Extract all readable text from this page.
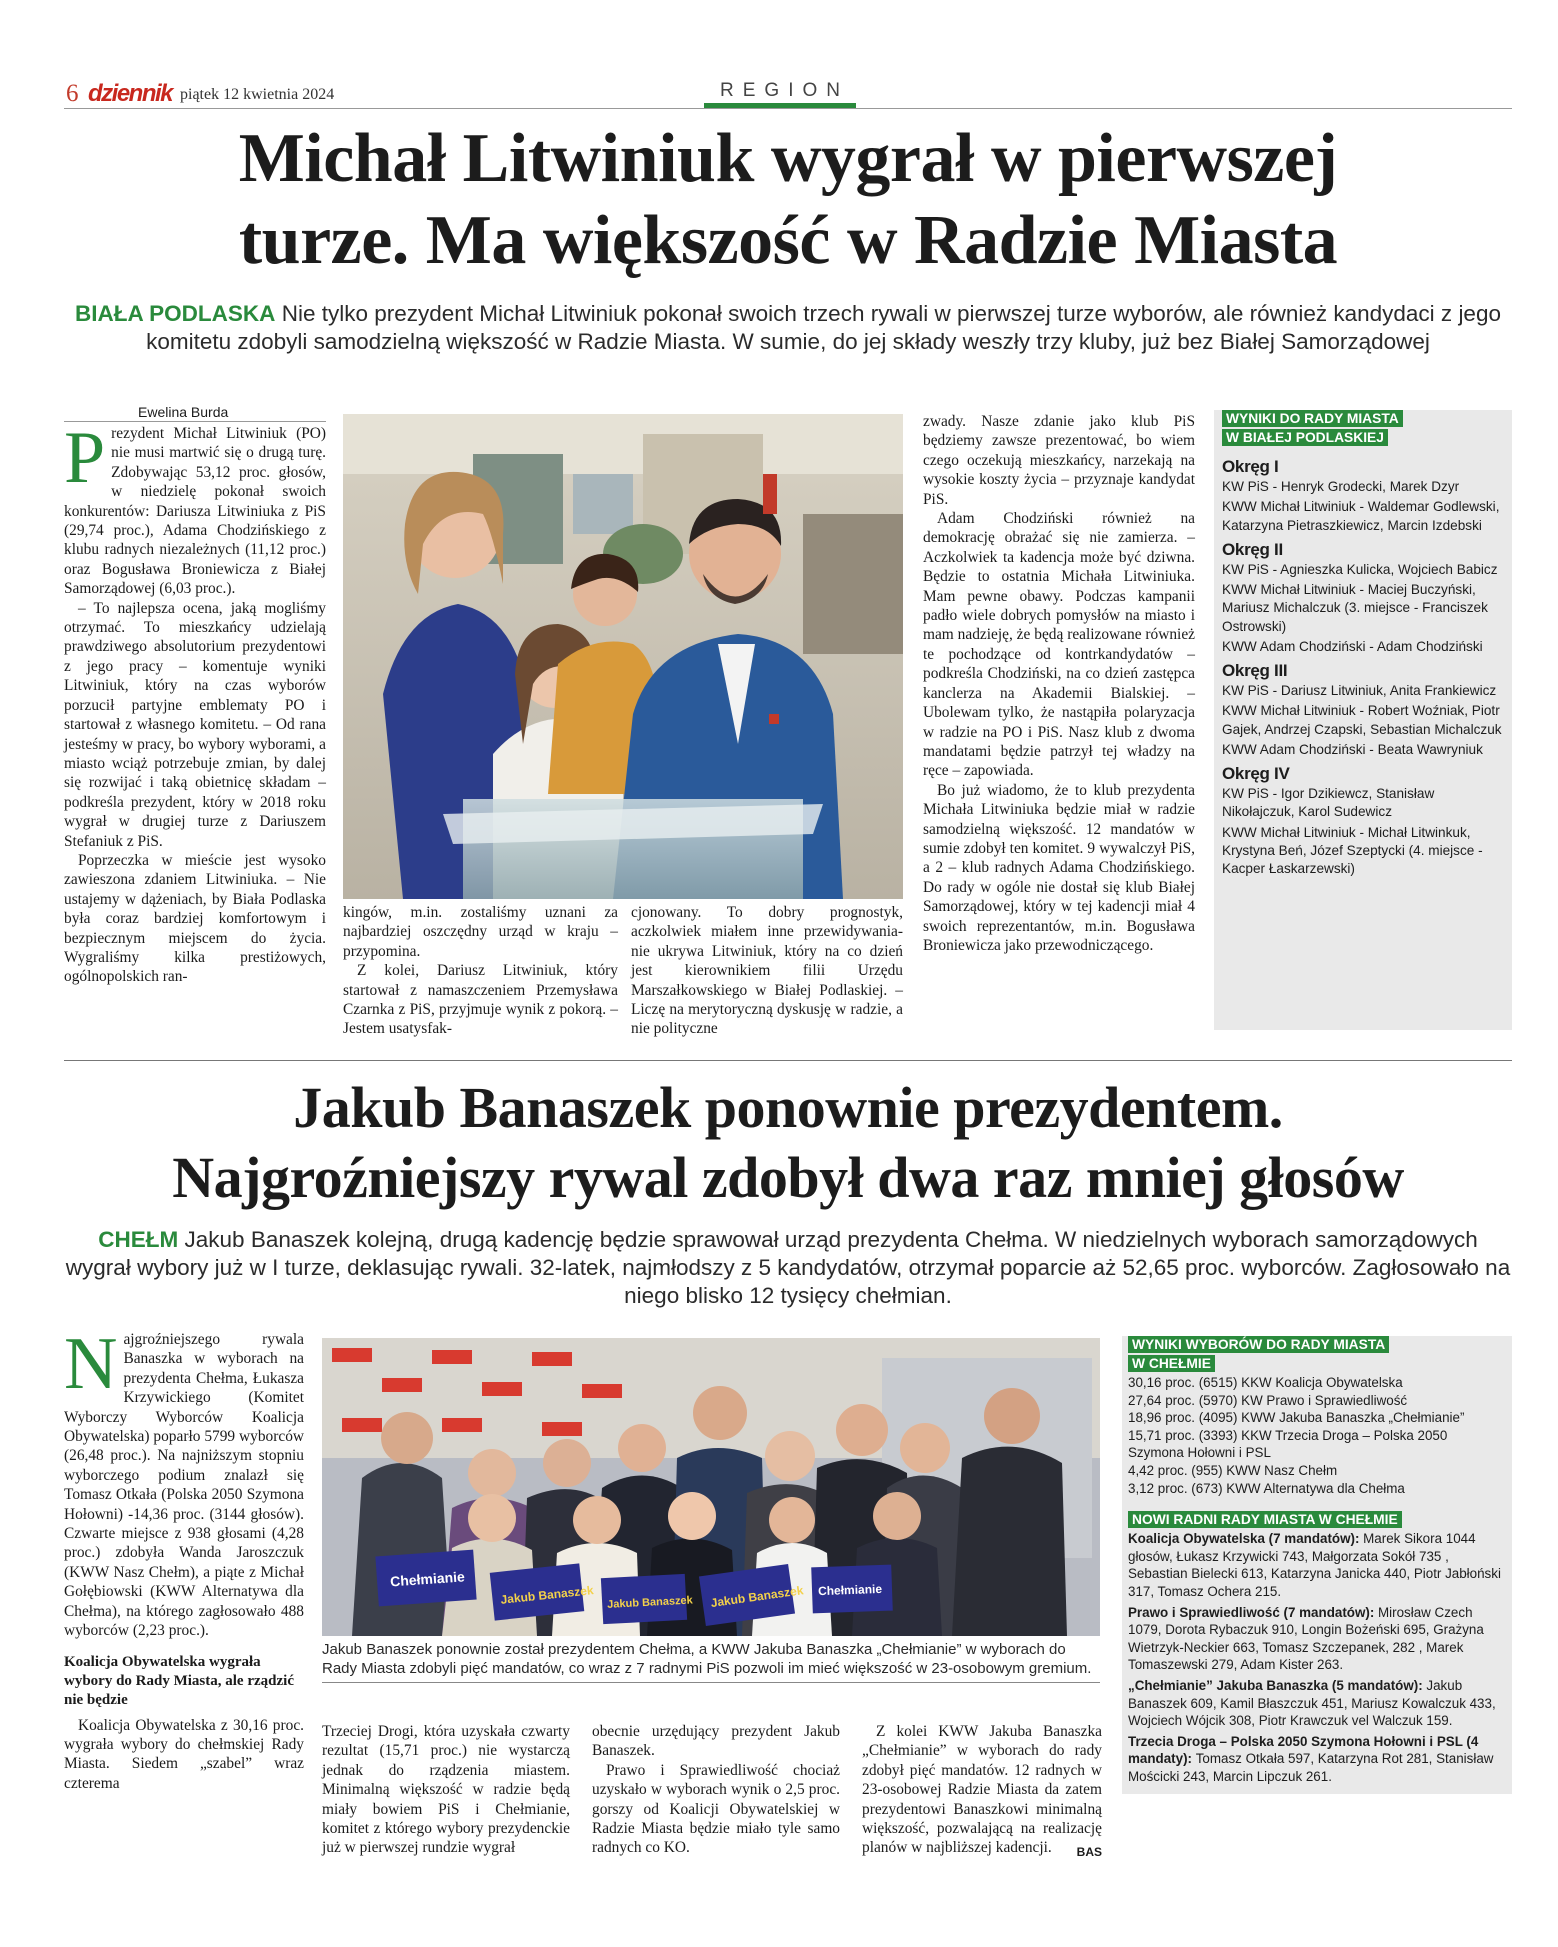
6 dziennik piątek 12 kwietnia 2024	REGION
Michał Litwiniuk wygrał w pierwszej
turze. Ma większość w Radzie Miasta
BIAŁA PODLASKA Nie tylko prezydent Michał Litwiniuk pokonał swoich trzech rywali w pierwszej turze wyborów, ale również kandydaci z jego komitetu zdobyli samodzielną większość w Radzie Miasta. W sumie, do jej składy weszły trzy kluby, już bez Białej Samorządowej
Ewelina Burda

Prezydent Michał Litwiniuk (PO) nie musi martwić się o drugą turę. Zdobywając 53,12 proc. głosów, w niedzielę pokonał swoich konkurentów: Dariusza Litwiniuka z PiS (29,74 proc.), Adama Chodzińskiego z klubu radnych niezależnych (11,12 proc.) oraz Bogusława Broniewicza z Białej Samorządowej (6,03 proc.).

– To najlepsza ocena, jaką mogliśmy otrzymać. To mieszkańcy udzielają prawdziwego absolutorium prezydentowi z jego pracy – komentuje wyniki Litwiniuk, który na czas wyborów porzucił partyjne emblematy PO i startował z własnego komitetu. – Od rana jesteśmy w pracy, bo wybory wyborami, a miasto wciąż potrzebuje zmian, by dalej się rozwijać i taką obietnicę składam – podkreśla prezydent, który w 2018 roku wygrał w drugiej turze z Dariuszem Stefaniuk z PiS.

Poprzeczka w mieście jest wysoko zawieszona zdaniem Litwiniuka. – Nie ustajemy w dążeniach, by Biała Podlaska była coraz bardziej komfortowym i bezpiecznym miejscem do życia. Wygraliśmy kilka prestiżowych, ogólnopolskich ran-

kingów, m.in. zostaliśmy uznani za najbardziej oszczędny urząd w kraju – przypomina.

Z kolei, Dariusz Litwiniuk, który startował z namaszczeniem Przemysława Czarnka z PiS, przyjmuje wynik z pokorą. – Jestem usatysfak-

cjonowany. To dobry prognostyk, aczkolwiek miałem inne przewidywania- nie ukrywa Litwiniuk, który na co dzień jest kierownikiem filii Urzędu Marszałkowskiego w Białej Podlaskiej. – Liczę na merytoryczną dyskusję w radzie, a nie polityczne

zwady. Nasze zdanie jako klub PiS będziemy zawsze prezentować, bo wiem czego oczekują mieszkańcy, narzekają na wysokie koszty życia – przyznaje kandydat PiS.

Adam Chodziński również na demokrację obrażać się nie zamierza. –Aczkolwiek ta kadencja może być dziwna. Będzie to ostatnia Michała Litwiniuka. Mam pewne obawy. Podczas kampanii padło wiele dobrych pomysłów na miasto i mam nadzieję, że będą realizowane również te pochodzące od kontrkandydatów – podkreśla Chodziński, na co dzień zastępca kanclerza na Akademii Bialskiej. – Ubolewam tylko, że nastąpiła polaryzacja w radzie na PO i PiS. Nasz klub z dwoma mandatami będzie patrzył tej władzy na ręce – zapowiada.

Bo już wiadomo, że to klub prezydenta Michała Litwiniuka będzie miał w radzie samodzielną większość. 12 mandatów w sumie zdobył ten komitet. 9 wywalczył PiS, a 2 – klub radnych Adama Chodzińskiego. Do rady w ogóle nie dostał się klub Białej Samorządowej, który w tej kadencji miał 4 swoich reprezentantów, m.in. Bogusława Broniewicza jako przewodniczącego.

WYNIKI DO RADY MIASTA
W BIAŁEJ PODLASKIEJ
Okręg I
KW PiS - Henryk Grodecki, Marek Dzyr
KWW Michał Litwiniuk - Waldemar Godlewski, Katarzyna Pietraszkiewicz, Marcin Izdebski
Okręg II
KW PiS - Agnieszka Kulicka, Wojciech Babicz
KWW Michał Litwiniuk - Maciej Buczyński, Mariusz Michalczuk (3. miejsce - Franciszek Ostrowski)
KWW Adam Chodziński - Adam Chodziński
Okręg III
KW PiS - Dariusz Litwiniuk, Anita Frankiewicz
KWW Michał Litwiniuk - Robert Woźniak, Piotr Gajek, Andrzej Czapski, Sebastian Michalczuk
KWW Adam Chodziński - Beata Wawryniuk
Okręg IV
KW PiS - Igor Dzikiewcz, Stanisław Nikołajczuk, Karol Sudewicz
KWW Michał Litwiniuk - Michał Litwinkuk, Krystyna Beń, Józef Szeptycki (4. miejsce - Kacper Łaskarzewski)
Jakub Banaszek ponownie prezydentem.
Najgroźniejszy rywal zdobył dwa raz mniej głosów
CHEŁM Jakub Banaszek kolejną, drugą kadencję będzie sprawował urząd prezydenta Chełma. W niedzielnych wyborach samorządowych wygrał wybory już w I turze, deklasując rywali. 32-latek, najmłodszy z 5 kandydatów, otrzymał poparcie aż 52,65 proc. wyborców. Zagłosowało na niego blisko 12 tysięcy chełmian.

Najgroźniejszego rywala Banaszka w wyborach na prezydenta Chełma, Łukasza Krzywickiego (Komitet Wyborczy Wyborców Koalicja Obywatelska) poparło 5799 wyborców (26,48 proc.). Na najniższym stopniu wyborczego podium znalazł się Tomasz Otkała (Polska 2050 Szymona Hołowni) -14,36 proc. (3144 głosów). Czwarte miejsce z 938 głosami (4,28 proc.) zdobyła Wanda Jaroszczuk (KWW Nasz Chełm), a piąte z Michał Gołębiowski (KWW Alternatywa dla Chełma), na którego zagłosowało 488 wyborców (2,23 proc.).

Koalicja Obywatelska wygrała wybory do Rady Miasta, ale rządzić nie będzie

Koalicja Obywatelska z 30,16 proc. wygrała wybory do chełmskiej Rady Miasta. Siedem „szabel” wraz czterema

Chełmianie
Jakub Banaszek Jakub Banaszek Jakub Banaszek Chełmianie
Jakub Banaszek ponownie został prezydentem Chełma, a KWW Jakuba Banaszka „Chełmianie” w wyborach do Rady Miasta zdobyli pięć mandatów, co wraz z 7 radnymi PiS pozwoli im mieć większość w 23-osobowym gremium.

Trzeciej Drogi, która uzyskała czwarty rezultat (15,71 proc.) nie wystarczą jednak do rządzenia miastem. Minimalną większość w radzie będą miały bowiem PiS i Chełmianie, komitet z którego wybory prezydenckie już w pierwszej rundzie wygrał

obecnie urzędujący prezydent Jakub Banaszek.

Prawo i Sprawiedliwość chociaż uzyskało w wyborach wynik o 2,5 proc. gorszy od Koalicji Obywatelskiej w Radzie Miasta będzie miało tyle samo radnych co KO.

Z kolei KWW Jakuba Banaszka „Chełmianie” w wyborach do rady zdobył pięć mandatów. 12 radnych w 23-osobowej Radzie Miasta da zatem prezydentowi Banaszkowi minimalną większość, pozwalającą na realizację planów w najbliższej kadencji.	BAS
WYNIKI WYBORÓW DO RADY MIASTA
W CHEŁMIE
30,16 proc. (6515) KKW Koalicja Obywatelska
27,64 proc. (5970) KW Prawo i Sprawiedliwość
18,96 proc. (4095) KWW Jakuba Banaszka „Chełmianie”
15,71 proc. (3393) KKW Trzecia Droga – Polska 2050 Szymona Hołowni i PSL
4,42 proc. (955) KWW Nasz Chełm
3,12 proc. (673) KWW Alternatywa dla Chełma
NOWI RADNI RADY MIASTA W CHEŁMIE
Koalicja Obywatelska (7 mandatów): Marek Sikora 1044 głosów, Łukasz Krzywicki 743, Małgorzata Sokół 735 , Sebastian Bielecki 613, Katarzyna Janicka 440, Piotr Jabłoński 317, Tomasz Ochera 215.
Prawo i Sprawiedliwość (7 mandatów): Mirosław Czech 1079, Dorota Rybaczuk 910, Longin Bożeński 695, Grażyna Wietrzyk-Neckier 663, Tomasz Szczepanek, 282 , Marek Tomaszewski 279, Adam Kister 263.
„Chełmianie” Jakuba Banaszka (5 mandatów): Jakub Banaszek 609, Kamil Błaszczuk 451, Mariusz Kowalczuk 433, Wojciech Wójcik 308, Piotr Krawczuk vel Walczuk 159.
Trzecia Droga – Polska 2050 Szymona Hołowni i PSL (4 mandaty): Tomasz Otkała 597, Katarzyna Rot 281, Stanisław Mościcki 243, Marcin Lipczuk 261.
